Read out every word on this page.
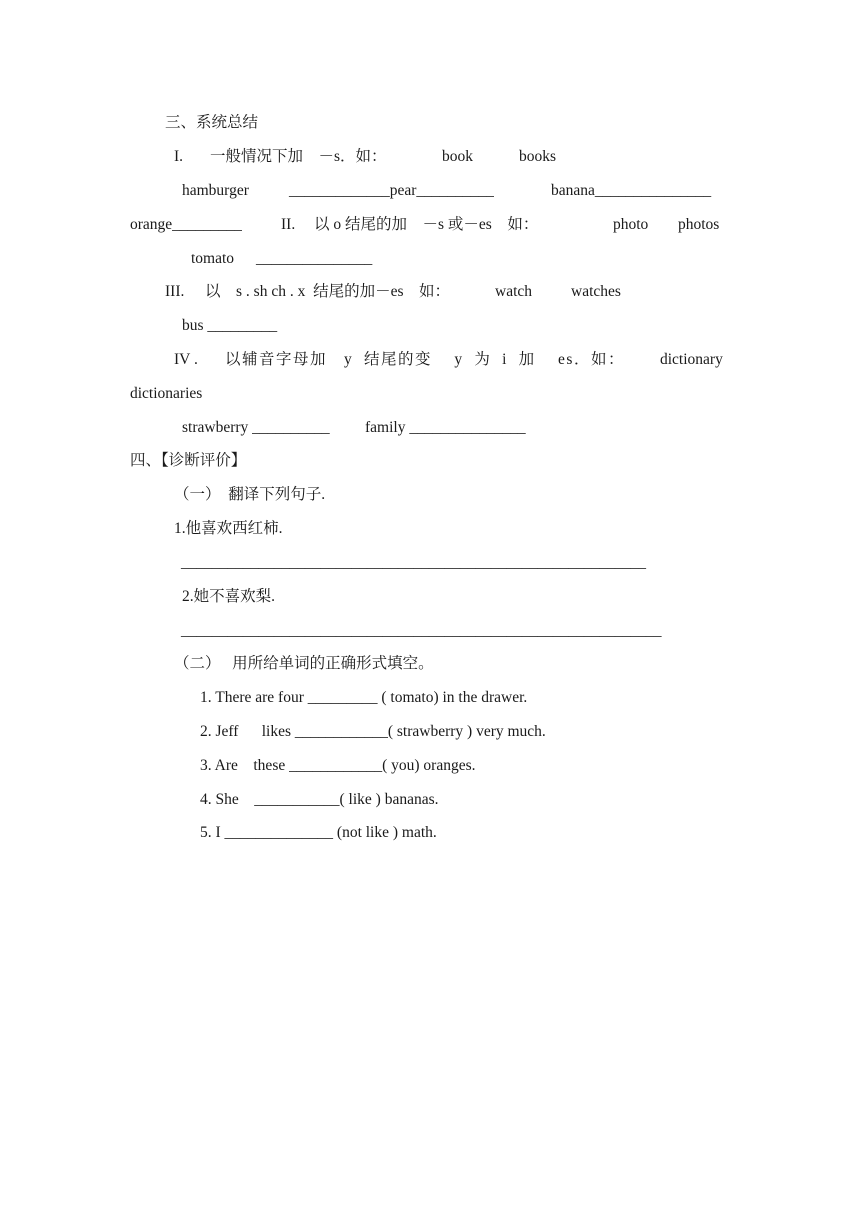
三、系统总结
I. 一般情况下加　－s．如：	book	books
hamburger	_____________pear__________	banana_______________
orange_________	II. 以 o 结尾的加　－s 或－es　如：	photo photos
tomato _______________
III. 以　s . sh ch . x  结尾的加－es　如：	watch	watches
bus _________
IV . 以辅音字母加　y  结尾的变　 y  为  i  加　 es．如： dictionary
dictionaries
strawberry __________ family _______________
四、【诊断评价】
（一）　翻译下列句子.
1.他喜欢西红柿.
____________________________________________________________
2.她不喜欢梨.
______________________________________________________________
（二）　 用所给单词的正确形式填空。
1. There are four _________ ( tomato) in the drawer.
2. Jeff      likes ____________( strawberry ) very much.
3. Are    these ____________( you) oranges.
4. She    ___________( like ) bananas.
5. I ______________ (not like ) math.
